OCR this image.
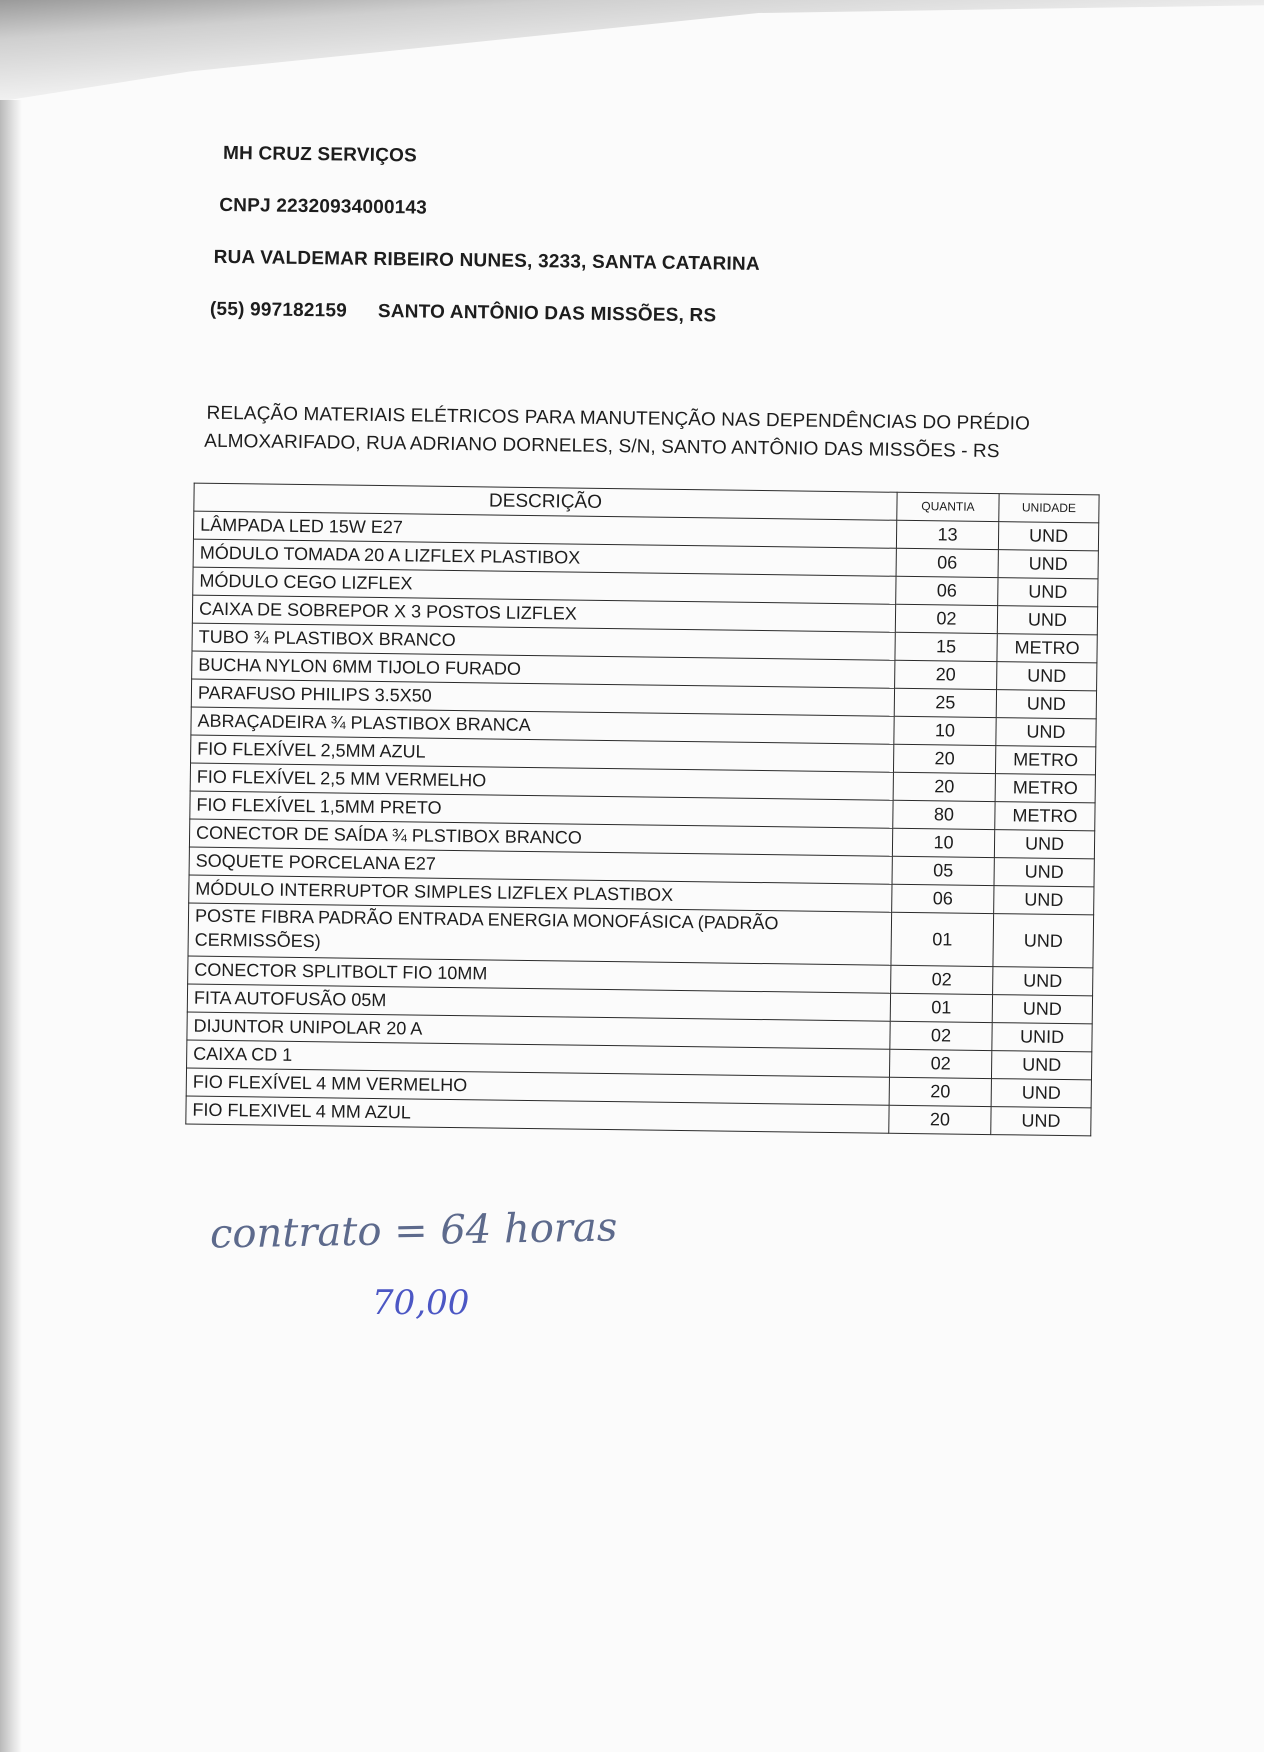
MH CRUZ SERVIÇOS
CNPJ 22320934000143
RUA VALDEMAR RIBEIRO NUNES, 3233, SANTA CATARINA
(55) 997182159 SANTO ANTÔNIO DAS MISSÕES, RS
RELAÇÃO MATERIAIS ELÉTRICOS PARA MANUTENÇÃO NAS DEPENDÊNCIAS DO PRÉDIO
ALMOXARIFADO, RUA ADRIANO DORNELES, S/N, SANTO ANTÔNIO DAS MISSÕES - RS
DESCRIÇÃO	QUANTIA	UNIDADE
LÂMPADA LED 15W E27	13	UND
MÓDULO TOMADA 20 A LIZFLEX PLASTIBOX	06	UND
MÓDULO CEGO LIZFLEX	06	UND
CAIXA DE SOBREPOR X 3 POSTOS LIZFLEX	02	UND
TUBO ¾ PLASTIBOX BRANCO	15	METRO
BUCHA NYLON 6MM TIJOLO FURADO	20	UND
PARAFUSO PHILIPS 3.5X50	25	UND
ABRAÇADEIRA ¾ PLASTIBOX BRANCA	10	UND
FIO FLEXÍVEL 2,5MM AZUL	20	METRO
FIO FLEXÍVEL 2,5 MM VERMELHO	20	METRO
FIO FLEXÍVEL 1,5MM PRETO	80	METRO
CONECTOR DE SAÍDA ¾ PLSTIBOX BRANCO	10	UND
SOQUETE PORCELANA E27	05	UND
MÓDULO INTERRUPTOR SIMPLES LIZFLEX PLASTIBOX	06	UND
POSTE FIBRA PADRÃO ENTRADA ENERGIA MONOFÁSICA (PADRÃO CERMISSÕES)	01	UND
CONECTOR SPLITBOLT FIO 10MM	02	UND
FITA AUTOFUSÃO 05M	01	UND
DIJUNTOR UNIPOLAR 20 A	02	UNID
CAIXA CD 1	02	UND
FIO FLEXÍVEL 4 MM VERMELHO	20	UND
FIO FLEXIVEL 4 MM AZUL	20	UND
contrato = 64 horas
70,00
